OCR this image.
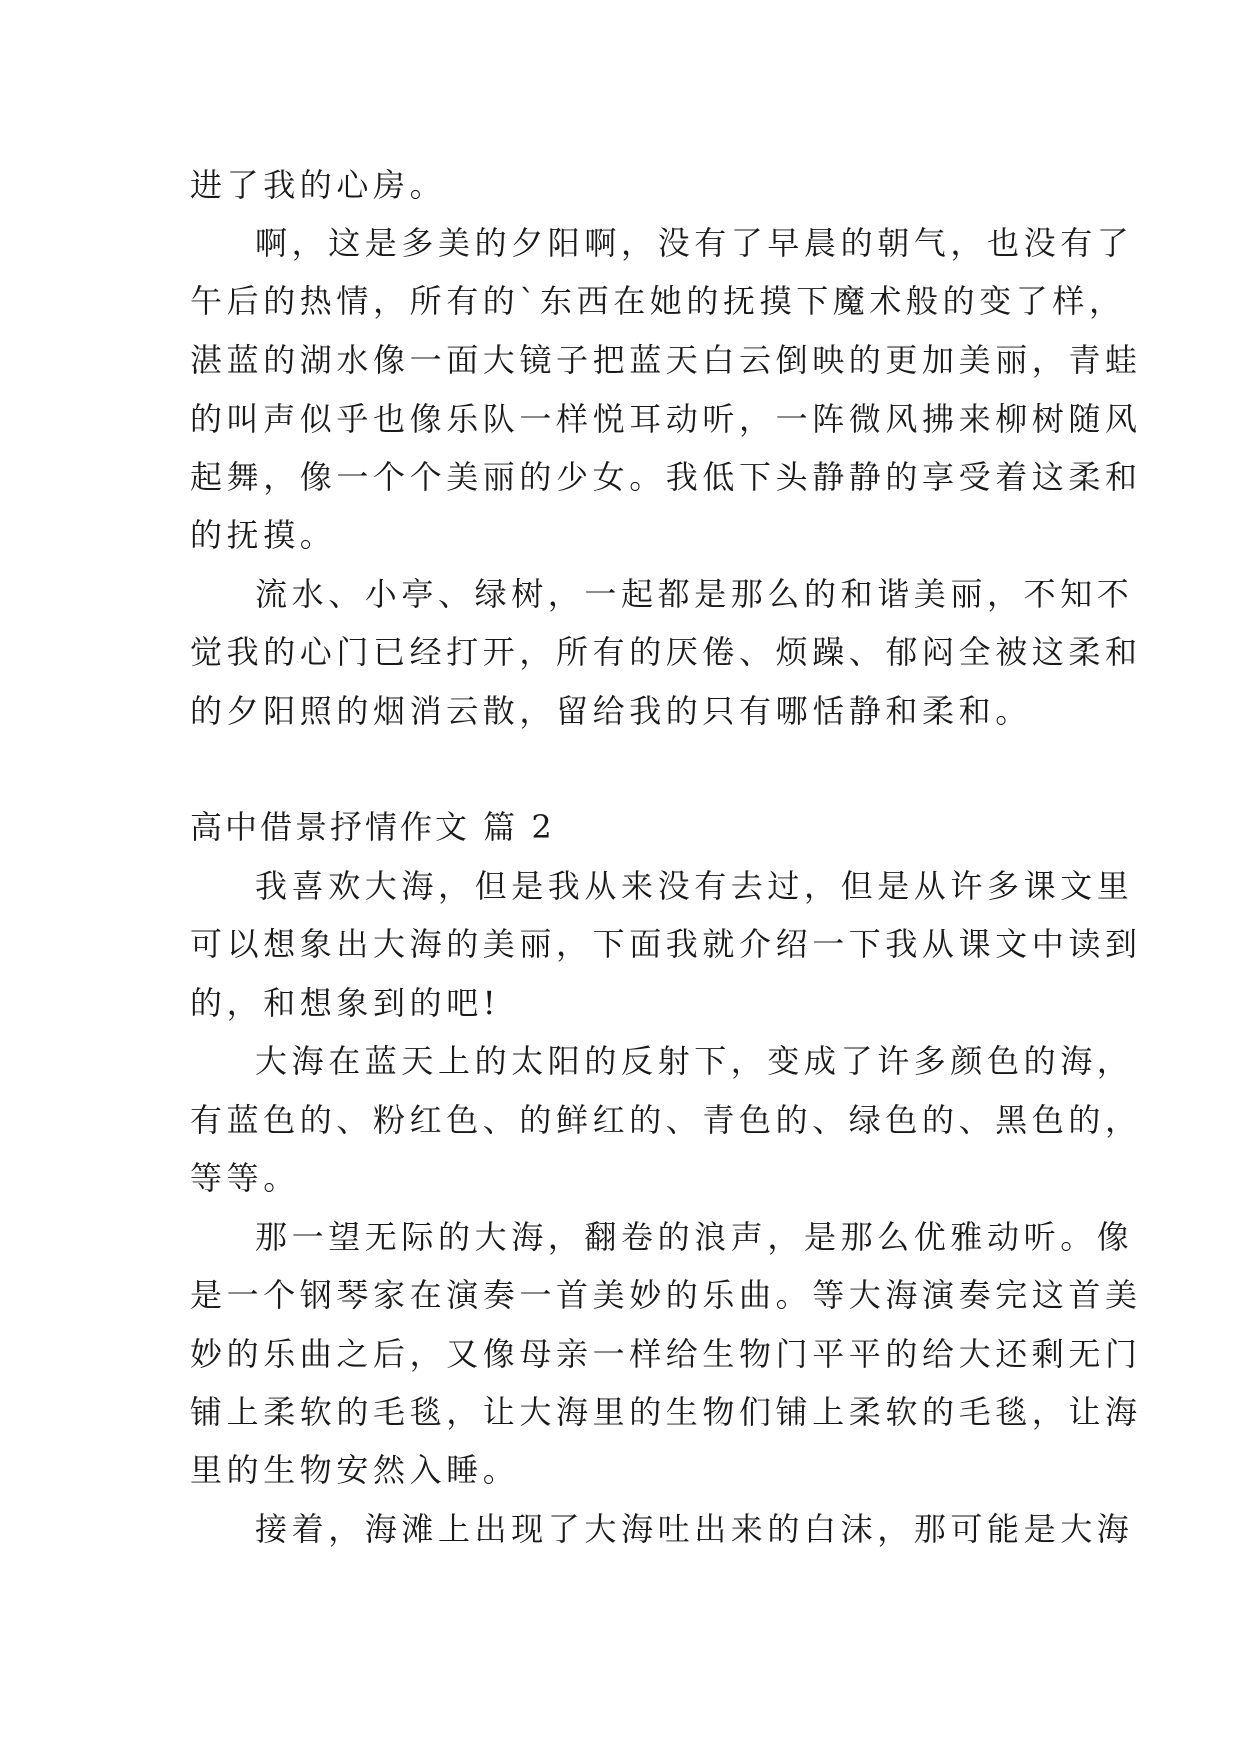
进了我的心房。
啊，这是多美的夕阳啊，没有了早晨的朝气，也没有了
午后的热情，所有的`东西在她的抚摸下魔术般的变了样，
湛蓝的湖水像一面大镜子把蓝天白云倒映的更加美丽，青蛙
的叫声似乎也像乐队一样悦耳动听，一阵微风拂来柳树随风
起舞，像一个个美丽的少女。我低下头静静的享受着这柔和
的抚摸。
流水、小亭、绿树，一起都是那么的和谐美丽，不知不
觉我的心门已经打开，所有的厌倦、烦躁、郁闷全被这柔和
的夕阳照的烟消云散，留给我的只有哪恬静和柔和。
高中借景抒情作文 篇 2
我喜欢大海，但是我从来没有去过，但是从许多课文里
可以想象出大海的美丽，下面我就介绍一下我从课文中读到
的，和想象到的吧!
大海在蓝天上的太阳的反射下，变成了许多颜色的海，
有蓝色的、粉红色、的鲜红的、青色的、绿色的、黑色的，
等等。
那一望无际的大海，翻卷的浪声，是那么优雅动听。像
是一个钢琴家在演奏一首美妙的乐曲。等大海演奏完这首美
妙的乐曲之后，又像母亲一样给生物门平平的给大还剩无门
铺上柔软的毛毯，让大海里的生物们铺上柔软的毛毯，让海
里的生物安然入睡。
接着，海滩上出现了大海吐出来的白沫，那可能是大海
